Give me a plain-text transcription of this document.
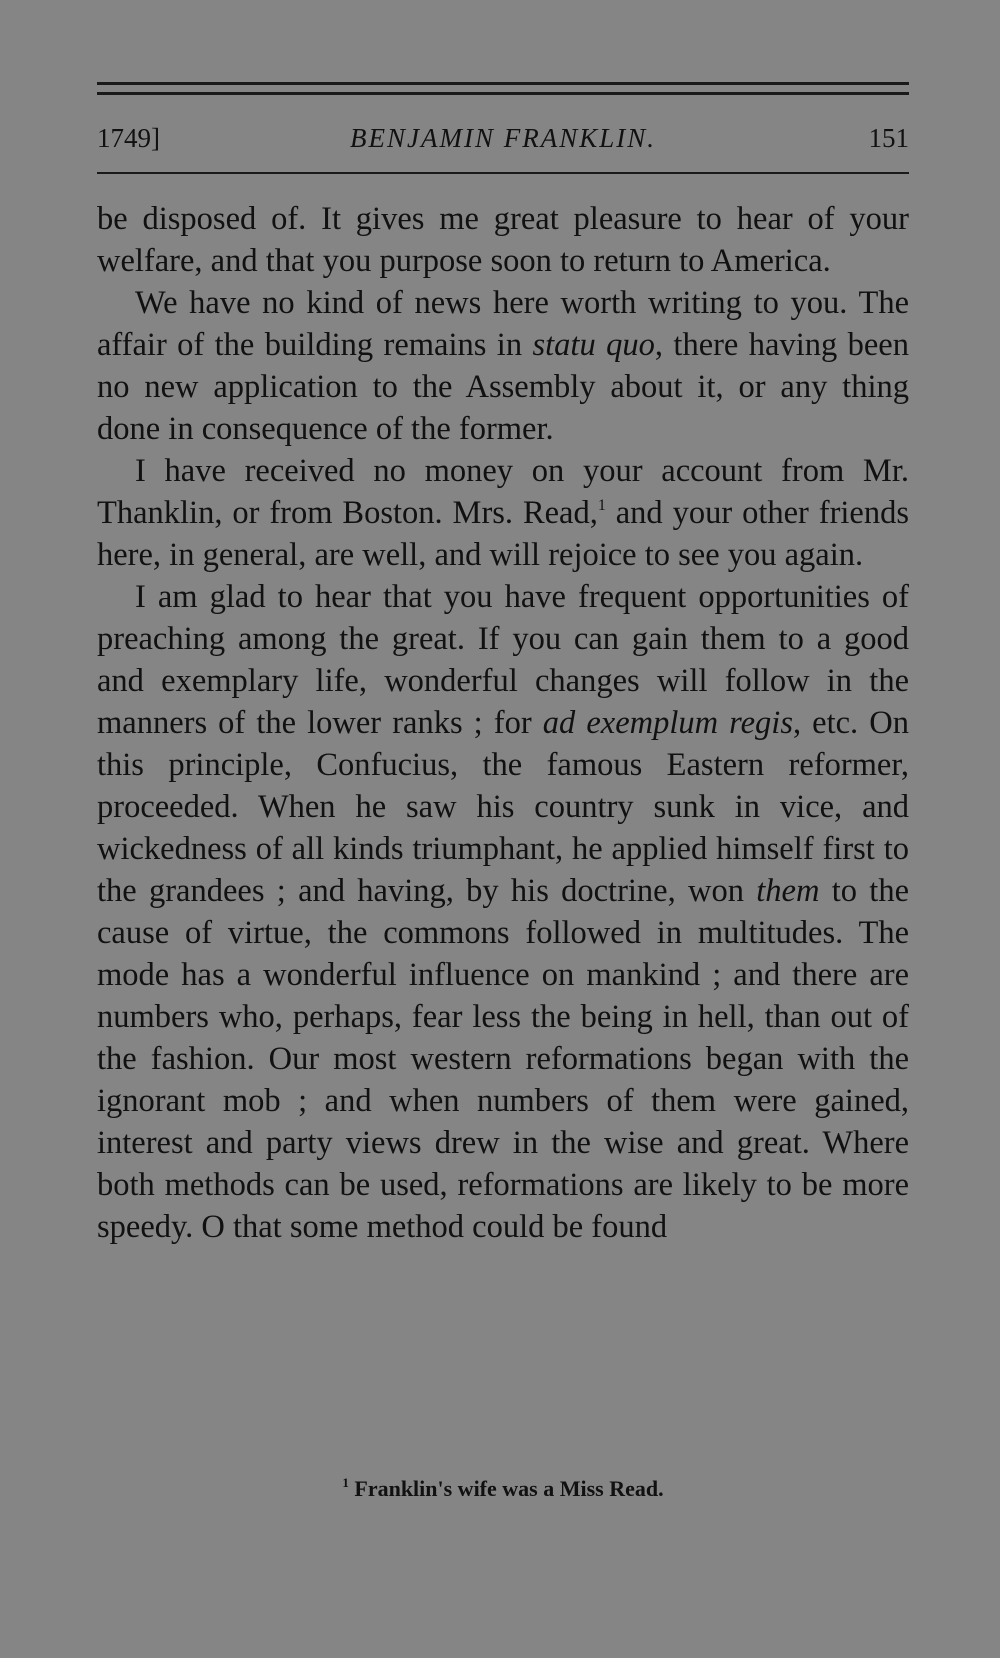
1749]	BENJAMIN FRANKLIN.	151

be disposed of. It gives me great pleasure to hear of your welfare, and that you purpose soon to return to America.

We have no kind of news here worth writing to you. The affair of the building remains in statu quo, there having been no new application to the Assembly about it, or any thing done in consequence of the former.

I have received no money on your account from Mr. Thanklin, or from Boston. Mrs. Read,$^1$ and your other friends here, in general, are well, and will rejoice to see you again.

I am glad to hear that you have frequent opportunities of preaching among the great. If you can gain them to a good and exemplary life, wonderful changes will follow in the manners of the lower ranks ; for ad exemplum regis, etc. On this principle, Confucius, the famous Eastern reformer, proceeded. When he saw his country sunk in vice, and wickedness of all kinds triumphant, he applied himself first to the grandees ; and having, by his doctrine, won them to the cause of virtue, the commons followed in multitudes. The mode has a wonderful influence on mankind ; and there are numbers who, perhaps, fear less the being in hell, than out of the fashion. Our most western reformations began with the ignorant mob ; and when numbers of them were gained, interest and party views drew in the wise and great. Where both methods can be used, reformations are likely to be more speedy. O that some method could be found

$^1$ Franklin's wife was a Miss Read.
